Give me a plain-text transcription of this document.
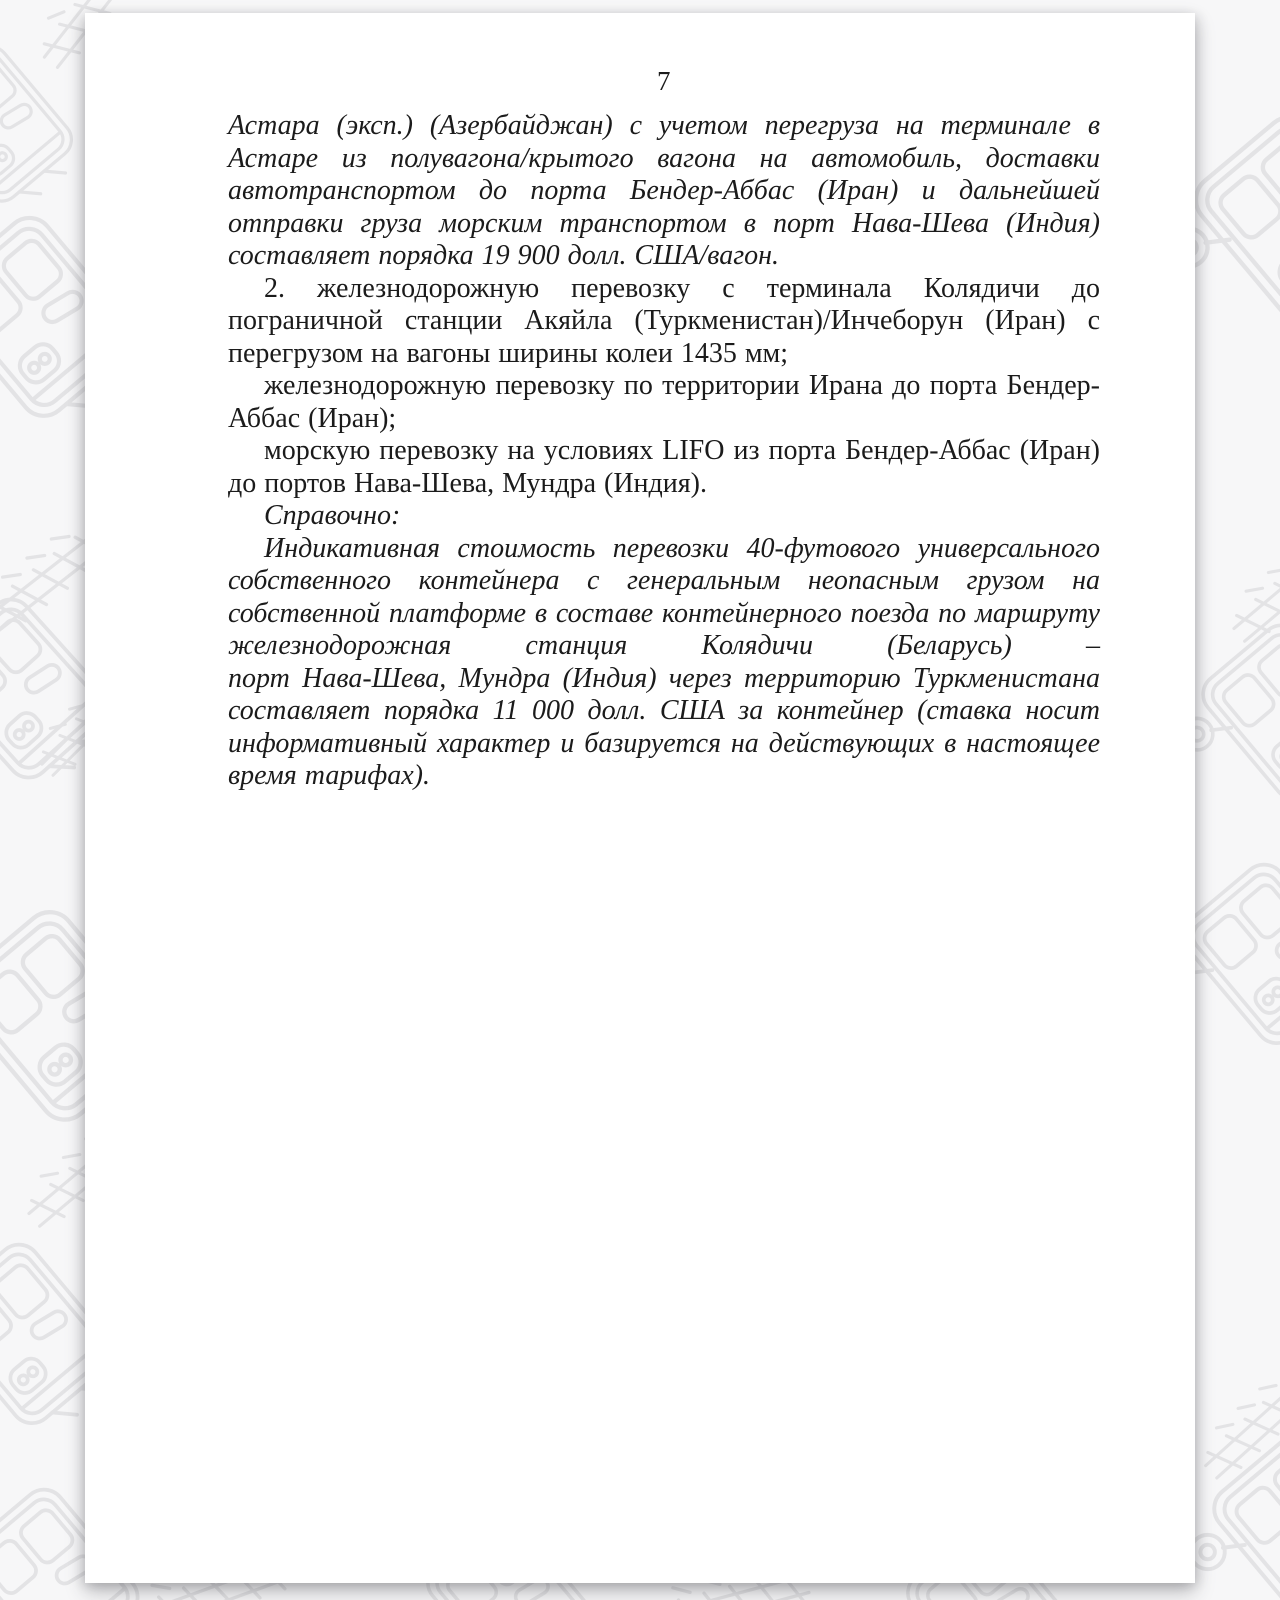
7

Астара (эксп.) (Азербайджан) с учетом перегруза на терминале в Астаре из полувагона/крытого вагона на автомобиль, доставки автотранспортом до порта Бендер-Аббас (Иран) и дальнейшей отправки груза морским транспортом в порт Нава-Шева (Индия) составляет порядка 19 900 долл. США/вагон.

2. железнодорожную перевозку с терминала Колядичи до пограничной станции Акяйла (Туркменистан)/Инчеборун (Иран) с перегрузом на вагоны ширины колеи 1435 мм;

железнодорожную перевозку по территории Ирана до порта Бендер-Аббас (Иран);

морскую перевозку на условиях LIFO из порта Бендер-Аббас (Иран) до портов Нава-Шева, Мундра (Индия).

Справочно:

Индикативная стоимость перевозки 40-футового универсального собственного контейнера с генеральным неопасным грузом на собственной платформе в составе контейнерного поезда по маршруту железнодорожная станция Колядичи (Беларусь) –

порт Нава-Шева, Мундра (Индия) через территорию Туркменистана составляет порядка 11 000 долл. США за контейнер (ставка носит информативный характер и базируется на действующих в настоящее время тарифах).
